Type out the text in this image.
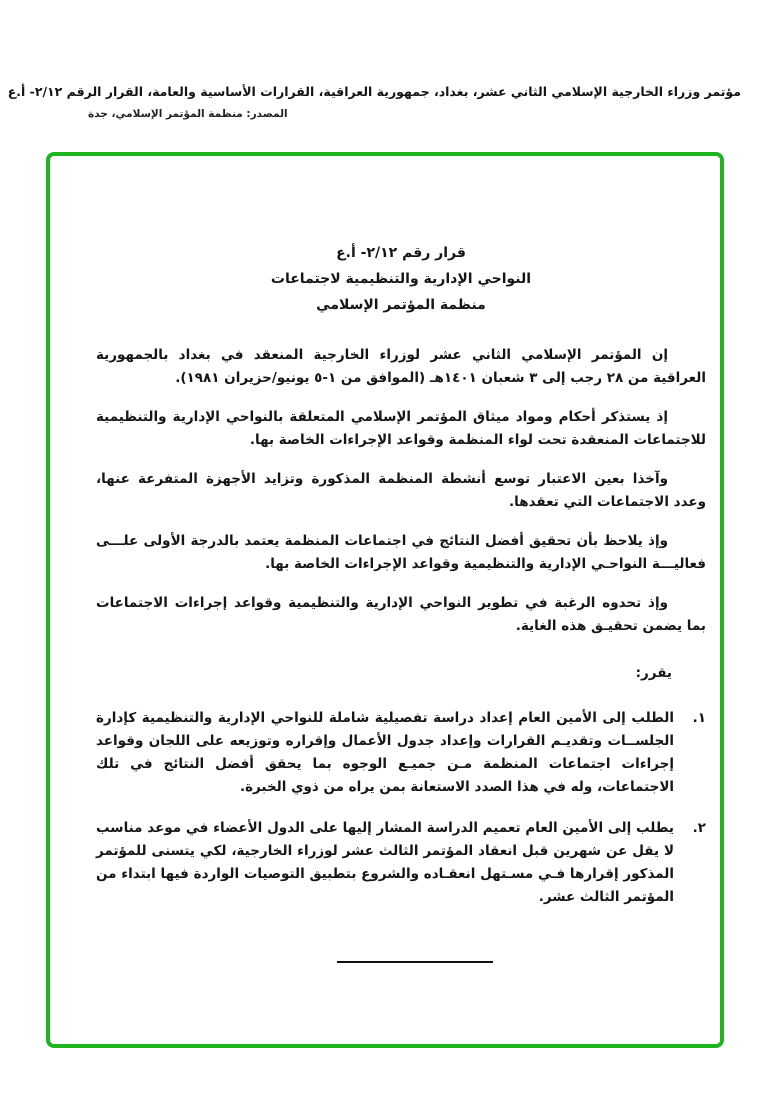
مؤتمر وزراء الخارجية الإسلامي الثاني عشر، بغداد، جمهورية العراقية، القرارات الأساسية والعامة، القرار الرقم ٢/١٢- أ.ع
المصدر: منظمة المؤتمر الإسلامي، جدة
قرار رقم ٢/١٢- أ.ع
النواحي الإدارية والتنظيمية لاجتماعات
منظمة المؤتمر الإسلامي

إن المؤتمر الإسلامي الثاني عشر لوزراء الخارجية المنعقد في بغداد بالجمهورية العراقية من ٢٨ رجب إلى ٣ شعبان ١٤٠١هـ (الموافق من ١-٥ يونيو/حزيران ١٩٨١).

إذ يستذكر أحكام ومواد ميثاق المؤتمر الإسلامي المتعلقة بالنواحي الإدارية والتنظيمية للاجتماعات المنعقدة تحت لواء المنظمة وقواعد الإجراءات الخاصة بها.

وآخذا بعين الاعتبار توسع أنشطة المنظمة المذكورة وتزايد الأجهزة المتفرعة عنها، وعدد الاجتماعات التي تعقدها.

وإذ يلاحظ بأن تحقيق أفضل النتائج في اجتماعات المنظمة يعتمد بالدرجة الأولى علـــى فعاليـــة النواحـي الإدارية والتنظيمية وقواعد الإجراءات الخاصة بها.

وإذ تحدوه الرغبة في تطوير النواحي الإدارية والتنظيمية وقواعد إجراءات الاجتماعات بما يضمن تحقيـق هذه الغاية.

يقرر:
١.
الطلب إلى الأمين العام إعداد دراسة تفصيلية شاملة للنواحي الإدارية والتنظيمية كإدارة الجلســات وتقديـم القرارات وإعداد جدول الأعمال وإقراره وتوزيعه على اللجان وقواعد إجراءات اجتماعات المنظمة مـن جميـع الوجوه بما يحقق أفضل النتائج في تلك الاجتماعات، وله في هذا الصدد الاستعانة بمن يراه من ذوي الخبرة.
٢.
يطلب إلى الأمين العام تعميم الدراسة المشار إليها على الدول الأعضاء في موعد مناسب لا يقل عن شهرين قبل انعقاد المؤتمر الثالث عشر لوزراء الخارجية، لكي يتسنى للمؤتمر المذكور إقرارها فـي مسـتهل انعقـاده والشروع بتطبيق التوصيات الواردة فيها ابتداء من المؤتمر الثالث عشر.
